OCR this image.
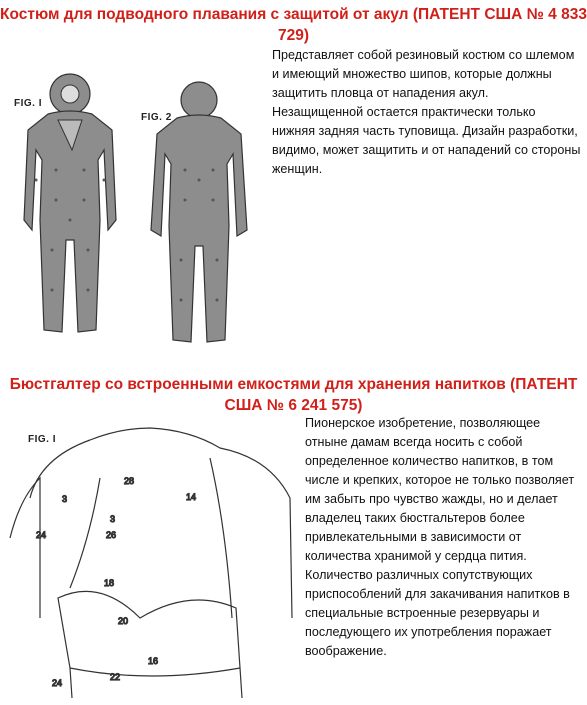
Костюм для подводного плавания с защитой от акул (ПАТЕНТ США № 4 833 729)
FIG. I
FIG. 2

Представляет собой резиновый костюм со шлемом и имеющий множество шипов, которые должны защитить пловца от нападения акул. Незащищенной остается практически только нижняя задняя часть туповища. Дизайн разработки, видимо, может защитить и от нападений со стороны женщин.

Бюстгалтер со встроенными емкостями для хранения напитков (ПАТЕНТ США № 6 241 575)
FIG. I
28
14
3
3
26
24
18
20
16
22
24

Пионерское изобретение, позволяющее отныне дамам всегда носить с собой определенное количество напитков, в том числе и крепких, которое не только позволяет им забыть про чувство жажды, но и делает владелец таких бюстгальтеров более привлекательными в зависимости от количества хранимой у сердца пития. Количество различных сопутствующих приспособлений для закачивания напитков в специальные встроенные резервуары и последующего их употребления поражает воображение.
